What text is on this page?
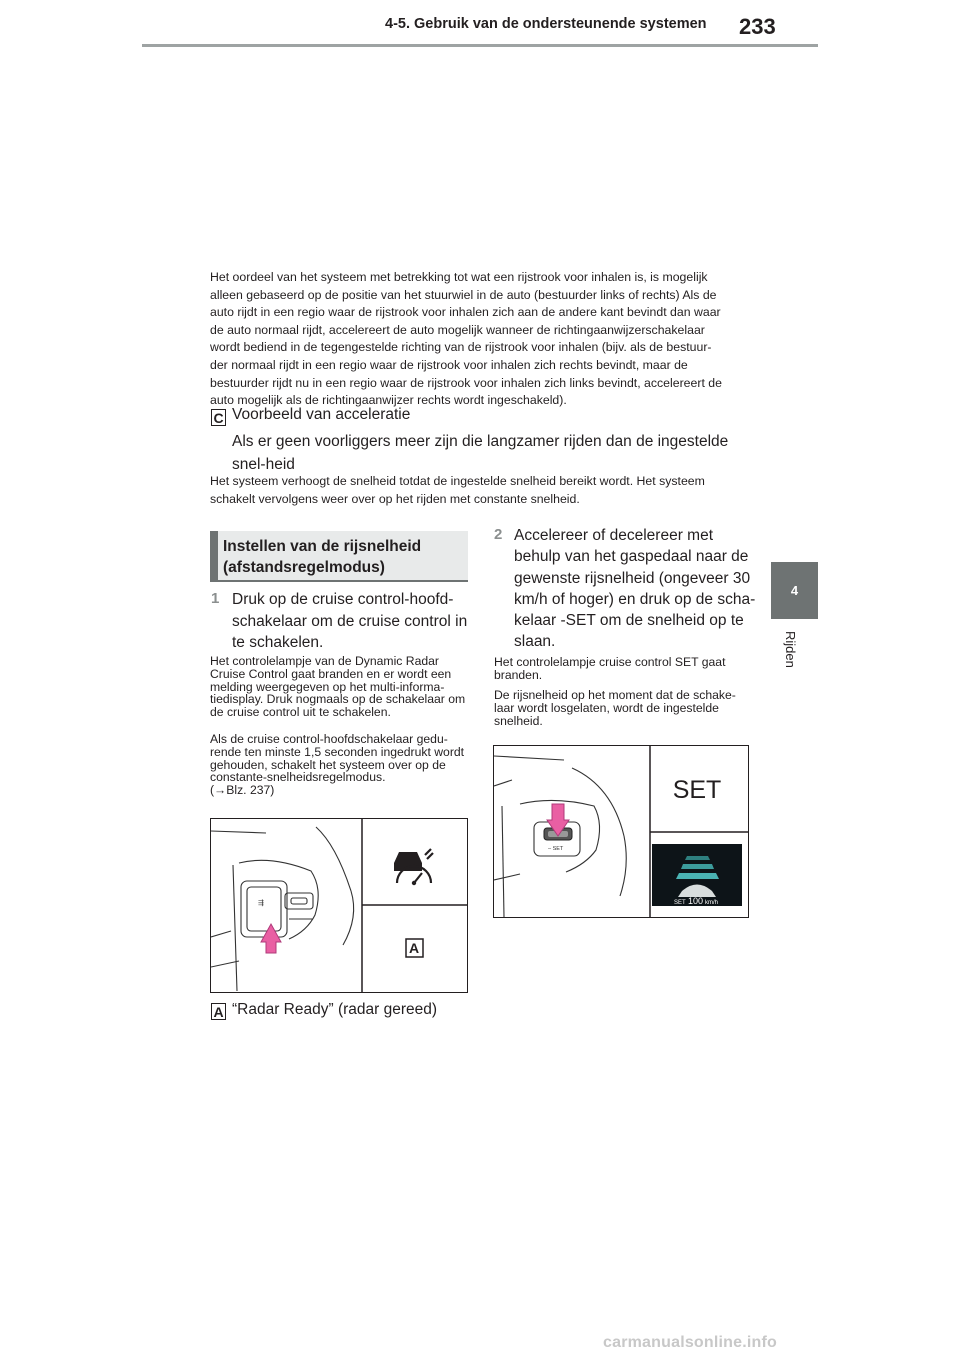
4-5. Gebruik van de ondersteunende systemen 233
4
Rijden

Het oordeel van het systeem met betrekking tot wat een rijstrook voor inhalen is, is mogelijk

alleen gebaseerd op de positie van het stuurwiel in de auto (bestuurder links of rechts) Als de

auto rijdt in een regio waar de rijstrook voor inhalen zich aan de andere kant bevindt dan waar

de auto normaal rijdt, accelereert de auto mogelijk wanneer de richtingaanwijzerschakelaar

wordt bediend in de tegengestelde richting van de rijstrook voor inhalen (bijv. als de bestuur-

der normaal rijdt in een regio waar de rijstrook voor inhalen zich rechts bevindt, maar de

bestuurder rijdt nu in een regio waar de rijstrook voor inhalen zich links bevindt, accelereert de

auto mogelijk als de richtingaanwijzer rechts wordt ingeschakeld).

C Voorbeeld van acceleratie
Als er geen voorliggers meer zijn die langzamer rijden dan de ingestelde snel-heid

Het systeem verhoogt de snelheid totdat de ingestelde snelheid bereikt wordt. Het systeem

schakelt vervolgens weer over op het rijden met constante snelheid.

Instellen van de rijsnelheid
(afstandsregelmodus)
1 Druk op de cruise control-hoofd-schakelaar om de cruise control in te schakelen.

Het controlelampje van de Dynamic Radar Cruise Control gaat branden en er wordt een melding weergegeven op het multi-informa-tiedisplay. Druk nogmaals op de schakelaar om de cruise control uit te schakelen.

Als de cruise control-hoofdschakelaar gedu-rende ten minste 1,5 seconden ingedrukt wordt gehouden, schakelt het systeem over op de constante-snelheidsregelmodus.

(→Blz. 237)

⇶
A
A “Radar Ready” (radar gereed)
2 Accelereer of decelereer met behulp van het gaspedaal naar de gewenste rijsnelheid (ongeveer 30 km/h of hoger) en druk op de scha-kelaar -SET om de snelheid op te slaan.

Het controlelampje cruise control SET gaat branden.

De rijsnelheid op het moment dat de schake-laar wordt losgelaten, wordt de ingestelde snelheid.

– SET
SET
SET 100 km/h
carmanualsonline.info
